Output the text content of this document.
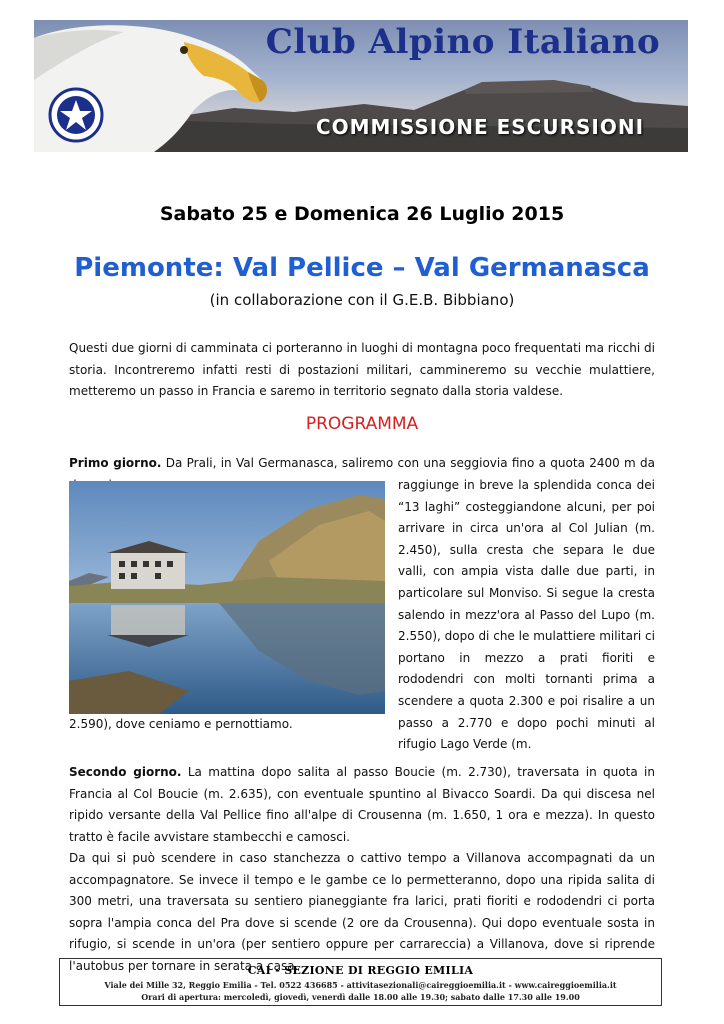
Club Alpino Italiano
COMMISSIONE ESCURSIONI
Sabato 25 e Domenica 26 Luglio 2015
Piemonte: Val Pellice – Val Germanasca
(in collaborazione con il G.E.B. Bibbiano)
Questi due giorni di camminata ci porteranno in luoghi di montagna poco frequentati ma ricchi di storia. Incontreremo infatti resti di postazioni militari, cammineremo su vecchie mulattiere, metteremo un passo in Francia e saremo in territorio segnato dalla storia valdese.
PROGRAMMA
Primo giorno. Da Prali, in Val Germanasca, saliremo con una seggiovia fino a quota 2400 m da
raggiunge in breve la splendida conca dei “13 laghi” costeggiandone alcuni, per poi arrivare in circa un'ora al Col Julian (m. 2.450), sulla cresta che separa le due valli, con ampia vista dalle due parti, in particolare sul Monviso. Si segue la cresta salendo in mezz'ora al Passo del Lupo (m. 2.550), dopo di che le mulattiere militari ci portano in mezzo a prati fioriti e rododendri con molti tornanti prima a scendere a quota 2.300 e poi risalire a un passo a 2.770 e dopo pochi minuti al rifugio Lago Verde (m.
2.590), dove ceniamo e pernottiamo.
Secondo giorno. La mattina dopo salita al passo Boucie (m. 2.730), traversata in quota in Francia al Col Boucie (m. 2.635), con eventuale spuntino al Bivacco Soardi. Da qui discesa nel ripido versante della Val Pellice fino all'alpe di Crousenna (m. 1.650, 1 ora e mezza). In questo tratto è facile avvistare stambecchi e camosci.
Da qui si può scendere in caso stanchezza o cattivo tempo a Villanova accompagnati da un accompagnatore. Se invece il tempo e le gambe ce lo permetteranno, dopo una ripida salita di 300 metri, una traversata su sentiero pianeggiante fra larici, prati fioriti e rododendri ci porta sopra l'ampia conca del Pra dove si scende (2 ore da Crousenna). Qui dopo eventuale sosta in rifugio, si scende in un'ora (per sentiero oppure per carrareccia) a Villanova, dove si riprende l'autobus per tornare in serata a casa.
CAI - SEZIONE DI REGGIO EMILIA
Viale dei Mille 32, Reggio Emilia - Tel. 0522 436685 - attivitasezionali@caireggioemilia.it - www.caireggioemilia.it
Orari di apertura: mercoledì, giovedì, venerdì dalle 18.00 alle 19.30; sabato dalle 17.30 alle 19.00
